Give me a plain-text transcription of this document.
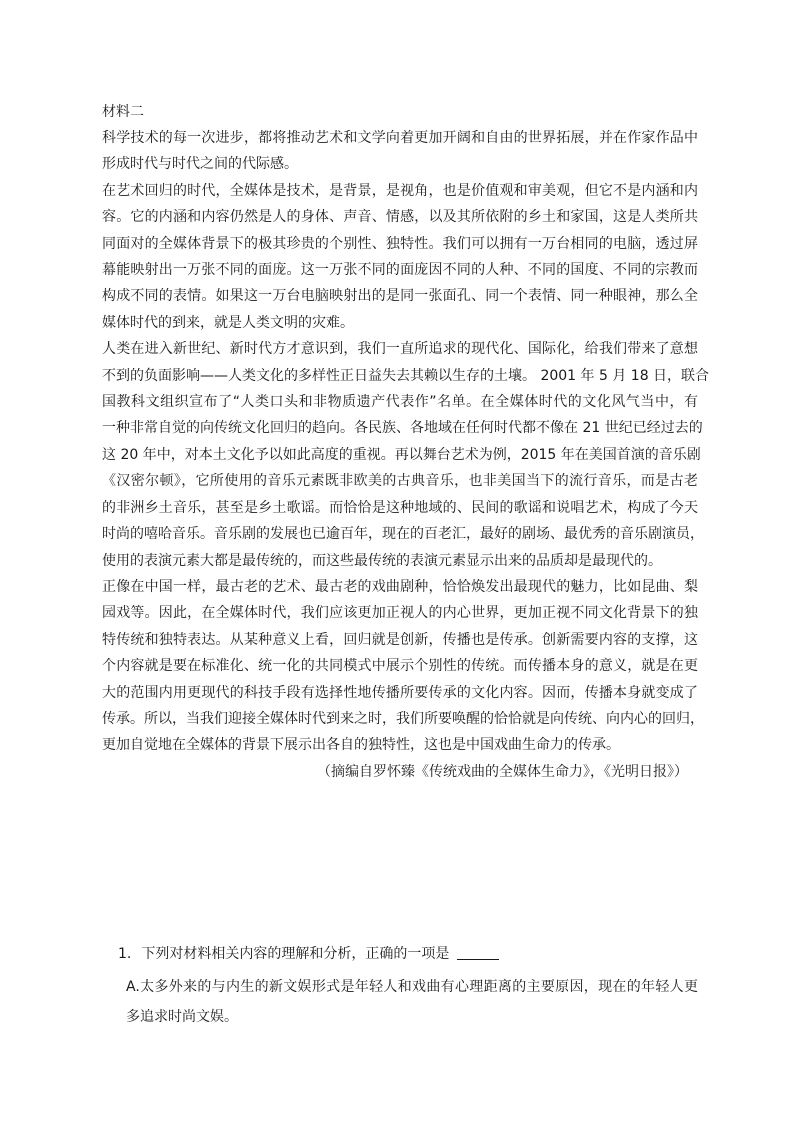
材料二

科学技术的每一次进步，都将推动艺术和文学向着更加开阔和自由的世界拓展，并在作家作品中
形成时代与时代之间的代际感。
在艺术回归的时代，全媒体是技术，是背景，是视角，也是价值观和审美观，但它不是内涵和内
容。它的内涵和内容仍然是人的身体、声音、情感，以及其所依附的乡土和家国，这是人类所共
同面对的全媒体背景下的极其珍贵的个别性、独特性。我们可以拥有一万台相同的电脑，透过屏
幕能映射出一万张不同的面庞。这一万张不同的面庞因不同的人种、不同的国度、不同的宗教而
构成不同的表情。如果这一万台电脑映射出的是同一张面孔、同一个表情、同一种眼神，那么全
媒体时代的到来，就是人类文明的灾难。
人类在进入新世纪、新时代方才意识到，我们一直所追求的现代化、国际化，给我们带来了意想
不到的负面影响——人类文化的多样性正日益失去其赖以生存的土壤。 2001 年 5 月 18 日，联合
国教科文组织宣布了“人类口头和非物质遗产代表作”名单。在全媒体时代的文化风气当中，有
一种非常自觉的向传统文化回归的趋向。各民族、各地域在任何时代都不像在 21 世纪已经过去的
这 20 年中，对本土文化予以如此高度的重视。再以舞台艺术为例，2015 年在美国首演的音乐剧
《汉密尔顿》，它所使用的音乐元素既非欧美的古典音乐，也非美国当下的流行音乐，而是古老
的非洲乡土音乐，甚至是乡土歌谣。而恰恰是这种地域的、民间的歌谣和说唱艺术，构成了今天
时尚的嘻哈音乐。音乐剧的发展也已逾百年，现在的百老汇，最好的剧场、最优秀的音乐剧演员，
使用的表演元素大都是最传统的，而这些最传统的表演元素显示出来的品质却是最现代的。
正像在中国一样，最古老的艺术、最古老的戏曲剧种，恰恰焕发出最现代的魅力，比如昆曲、梨
园戏等。因此，在全媒体时代，我们应该更加正视人的内心世界，更加正视不同文化背景下的独
特传统和独特表达。从某种意义上看，回归就是创新，传播也是传承。创新需要内容的支撑，这
个内容就是要在标准化、统一化的共同模式中展示个别性的传统。而传播本身的意义，就是在更
大的范围内用更现代的科技手段有选择性地传播所要传承的文化内容。因而，传播本身就变成了
传承。所以，当我们迎接全媒体时代到来之时，我们所要唤醒的恰恰就是向传统、向内心的回归，
更加自觉地在全媒体的背景下展示出各自的独特性，这也是中国戏曲生命力的传承。

（摘编自罗怀臻《传统戏曲的全媒体生命力》，《光明日报》）

1. 下列对材料相关内容的理解和分析，正确的一项是

A.太多外来的与内生的新文娱形式是年轻人和戏曲有心理距离的主要原因，现在的年轻人更
多追求时尚文娱。
